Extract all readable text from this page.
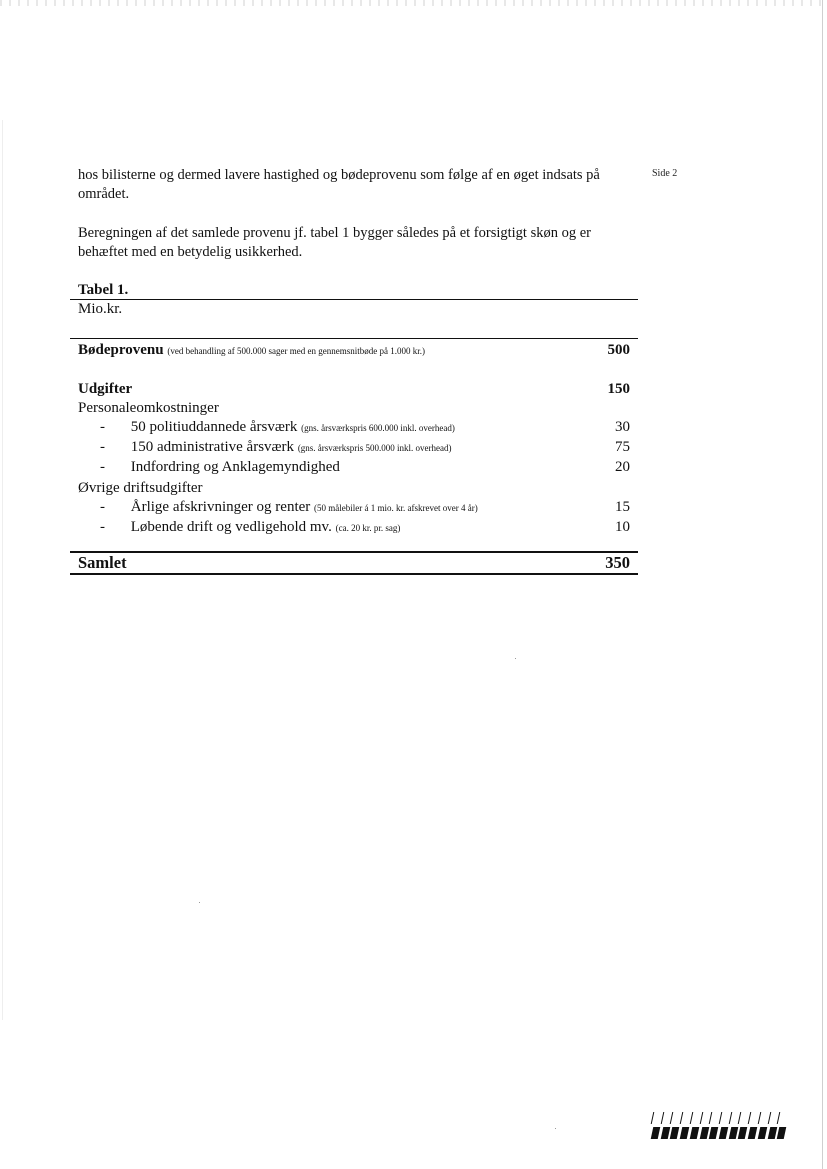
Side 2

hos bilisterne og dermed lavere hastighed og bødeprovenu som følge af en øget indsats på området.

Beregningen af det samlede provenu jf. tabel 1 bygger således på et forsigtigt skøn og er behæftet med en betydelig usikkerhed.

Tabel 1.
Mio.kr.
Bødeprovenu (ved behandling af 500.000 sager med en gennemsnitbøde på 1.000 kr.)	500
Udgifter	150
Personaleomkostninger
- 50 politiuddannede årsværk (gns. årsværkspris 600.000 inkl. overhead)	30
- 150 administrative årsværk (gns. årsværkspris 500.000 inkl. overhead)	75
- Indfordring og Anklagemyndighed	20
Øvrige driftsudgifter
- Årlige afskrivninger og renter (50 målebiler á 1 mio. kr. afskrevet over 4 år)	15
- Løbende drift og vedligehold mv. (ca. 20 kr. pr. sag)	10
Samlet	350
